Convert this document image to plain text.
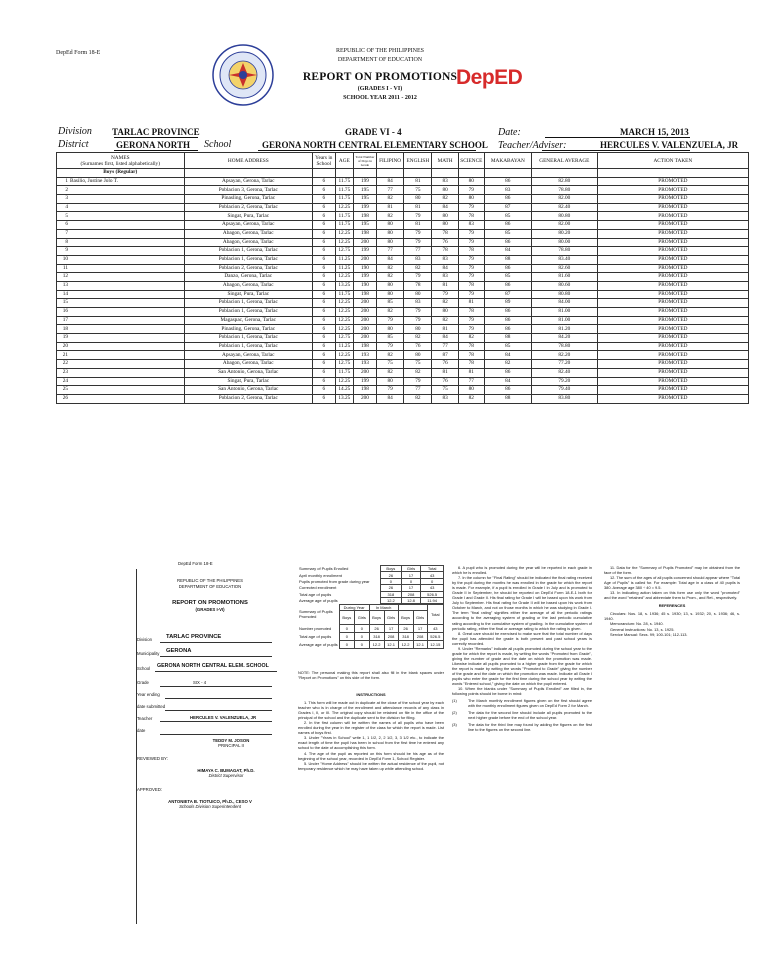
DepEd Form 18-E	REPUBLIC OF THE PHILIPPINES
DEPARTMENT OF EDUCATION
REPORT ON PROMOTIONS
(GRADES I - VI)
SCHOOL YEAR 2011 - 2012
DepED
Division TARLAC PROVINCE	GRADE VI - 4	Date:	MARCH 15, 2013
District	GERONA NORTH School	GERONA NORTH CENTRAL ELEMENTARY SCHOOL Teacher/Adviser:	HERCULES V. VALENZUELA, JR
NAMES
(Surnames first, listed alphabetically)	HOME ADDRESS	Years in School	AGE	Total Number of Days in Grade	FILIPINO	ENGLISH	MATH	SCIENCE	MAKABAYAN	GENERAL AVERAGE	ACTION TAKEN
Boys (Regular)											
1 Basilio, Justine Jolo T.	Apsayan, Gerona, Tarlac	6	11.75	199	84	81	83	80	86	82.80	PROMOTED
2	Poblacion 3, Gerona, Tarlac	6	11.75	195	77	75	80	79	83	78.80	PROMOTED
3	Pinasling, Gerona, Tarlac	6	11.75	195	82	80	82	80	86	82.00	PROMOTED
4	Poblacion 2, Gerona, Tarlac	6	12.25	199	81	81	84	79	87	82.40	PROMOTED
5	Singat, Pura, Tarlac	6	11.75	198	82	79	80	78	85	80.80	PROMOTED
6	Apsayan, Gerona, Tarlac	6	11.75	195	80	81	80	83	86	82.00	PROMOTED
7	Abagon, Gerona, Tarlac	6	12.25	198	80	79	78	79	85	80.20	PROMOTED
8	Abagon, Gerona, Tarlac	6	12.25	200	80	79	76	79	86	80.00	PROMOTED
9	Poblacion 1, Gerona, Tarlac	6	12.75	199	77	77	78	78	84	78.80	PROMOTED
10	Poblacion 1, Gerona, Tarlac	6	11.25	200	84	83	83	79	88	83.40	PROMOTED
11	Poblacion 2, Gerona, Tarlac	6	11.25	190	82	82	84	79	86	82.60	PROMOTED
12	Danzo, Gerona, Tarlac	6	12.25	199	82	79	83	79	85	81.60	PROMOTED
13	Abagon, Gerona, Tarlac	6	13.25	190	80	78	81	78	86	80.60	PROMOTED
14	Singat, Pura, Tarlac	6	11.75	198	80	80	79	79	87	80.80	PROMOTED
15	Poblacion 1, Gerona, Tarlac	6	12.25	200	85	83	82	81	89	84.00	PROMOTED
16	Poblacion 1, Gerona, Tarlac	6	12.25	200	82	79	80	78	86	81.00	PROMOTED
17	Magaspac, Gerona, Tarlac	6	12.25	200	79	79	82	79	86	81.00	PROMOTED
18	Pinasling, Gerona, Tarlac	6	12.25	200	80	80	81	79	86	81.20	PROMOTED
19	Poblacion 1, Gerona, Tarlac	6	12.75	200	85	82	84	82	88	84.20	PROMOTED
20	Poblacion 1, Gerona, Tarlac	6	11.25	198	79	76	77	78	85	78.80	PROMOTED
21	Apsayan, Gerona, Tarlac	6	12.25	193	82	80	87	78	84	82.20	PROMOTED
22	Abagon, Gerona, Tarlac	6	12.75	193	75	75	76	78	82	77.20	PROMOTED
23	San Antonio, Gerona, Tarlac	6	11.75	200	82	82	81	81	86	82.40	PROMOTED
24	Singat, Pura, Tarlac	6	12.25	199	80	79	76	77	84	79.20	PROMOTED
25	San Antonio, Gerona, Tarlac	6	14.25	198	79	77	75	80	86	79.40	PROMOTED
26	Poblacion 2, Gerona, Tarlac	6	13.25	200	84	82	83	82	88	83.80	PROMOTED
DepEd Form 18-E
REPUBLIC OF THE PHILIPPINES
DEPARTMENT OF EDUCATION
REPORT ON PROMOTIONS
(GRADES I-VI)
Division TARLAC PROVINCE
Municipality GERONA
School GERONA NORTH CENTRAL ELEM. SCHOOL
Grade	SIX - 4
Year ending
date submitted
Teacher	HERCULES V. VALENZUELA, JR
date
TEDDY M. JOSON
PRINCIPAL II
REVIEWED BY:
HIMAYA C. BUMAGAT, Ph.D.
District Supervisor
APPROVED:
ANTONIETA B. TIOTUICO, Ph.D., CESO V
Schools Division Superintendent
Summary of Pupils Enrolled	Boys	Girls	Total
April monthly enrollment	26	17	43
Pupils promoted from grade during year	0	0	0
Corrected enrollment	26	17	43
Total age of pupils	318	208	526.5
Average age of pupils	12.2	12.8	11.94
Summary of Pupils Promoted	During Year		In March				Total
	Boys	Girls	Boys	Girls	Boys	Girls	
Number promoted	0	0	26	17	26	17	43
Total age of pupils	0	0	318	208	318	208	526.5
Average age of pupils	0	0	12.2	12.1	12.2	12.1	12.15
NOTE: The personal making this report shall also fill in the blank spaces under "Report on Promotions" on this side of the form.
INSTRUCTIONS

1. This form will be made out in duplicate at the close of the school year by each teacher who is in charge of the enrollment and attendance records of any class in Grades I, II, or III. The original copy should be retained on file in the office of the principal of the school and the duplicate sent to the division for filing.

2. In the first column will be written the names of all pupils who have been enrolled during the year in the register of the class for which the report is made. List names of boys first.

3. Under "Years in School" write 1, 1 1/2, 2, 2 1/2, 3, 3 1/2 etc., to indicate the exact length of time the pupil has been in school from the first time he entered any school to the date of accomplishing this form.

4. The age of the pupil as reported on this form should be his age as of the beginning of the school year, recorded in DepEd Form 1, School Register.

5. Under "Home Address" should be written the actual residence of the pupil, not temporary residence which he may have taken up while attending school.

6. A pupil who is promoted during the year will be reported in each grade in which he is enrolled.

7. In the column for "Final Rating" should be indicated the final rating received by the pupil during the months he was enrolled in the grade for which the report is made. For example, if a pupil is enrolled in Grade I in July and is promoted to Grade II in September, he should be reported on DepEd Form 18-E-1 both for Grade I and Grade II. His final rating for Grade I will be based upon his work from July to September. His final rating for Grade II will be based upon his work from October to March, and not on those months in which he was studying in Grade I. The term "final rating" signifies either the average of all the periodic ratings according to the averaging system of grading or the last periodic cumulative rating according to the cumulative system of grading. In the cumulative system of periodic rating, either the final or average rating to which the rating is given.

8. Great care should be exercised to make sure that the total number of days the pupil has attended the grade is both present and past school years is correctly recorded.

9. Under "Remarks" indicate all pupils promoted during the school year to the grade for which the report is made, by writing the words "Promoted from Grade", giving the number of grade and the date on which the promotion was made. Likewise indicate all pupils promoted to a higher grade from the grade for which the report is made by writing the words "Promoted to Grade" giving the number of the grade and the date on which the promotion was made. Indicate all Grade I pupils who enter the grade for the first time during the school year by writing the words "Entered school," giving the date on which the pupil entered.

10. When the blanks under "Summary of Pupils Enrolled" are filled in, the following points should be borne in mind:

(1)	The March monthly enrollment figures given on the first should agree with the monthly enrollment figures given on DepEd Form 2 for March.
(2)	The data for the second line should include all pupils promoted to the next higher grade before the end of the school year.
(3)	The data for the third line may found by adding the figures on the first line to the figures on the second line.

11. Data for the "Summary of Pupils Promoted" may be obtained from the face of the form.

12. The sum of the ages of all pupils concerned should appear where "Total Age of Pupils" is called for. For example: Total age in a class of 40 pupils is 380. Average age 380 ÷ 40 = 9.5.

13. In indicating action taken on this form use only the word "promoted" and the word "retained" and abbreviate them to Prom., and Ret., respectively.

REFERENCES

Circulars: Nos. 18, s. 1936; 45 s. 1930; 13, s. 1932; 20, s. 1936; 46, s. 1940.

Memorandum: No. 28, s. 1940.

General Instructions: No. 13, s. 1925.

Service Manual: Secs. 99; 100-101; 112-113.
